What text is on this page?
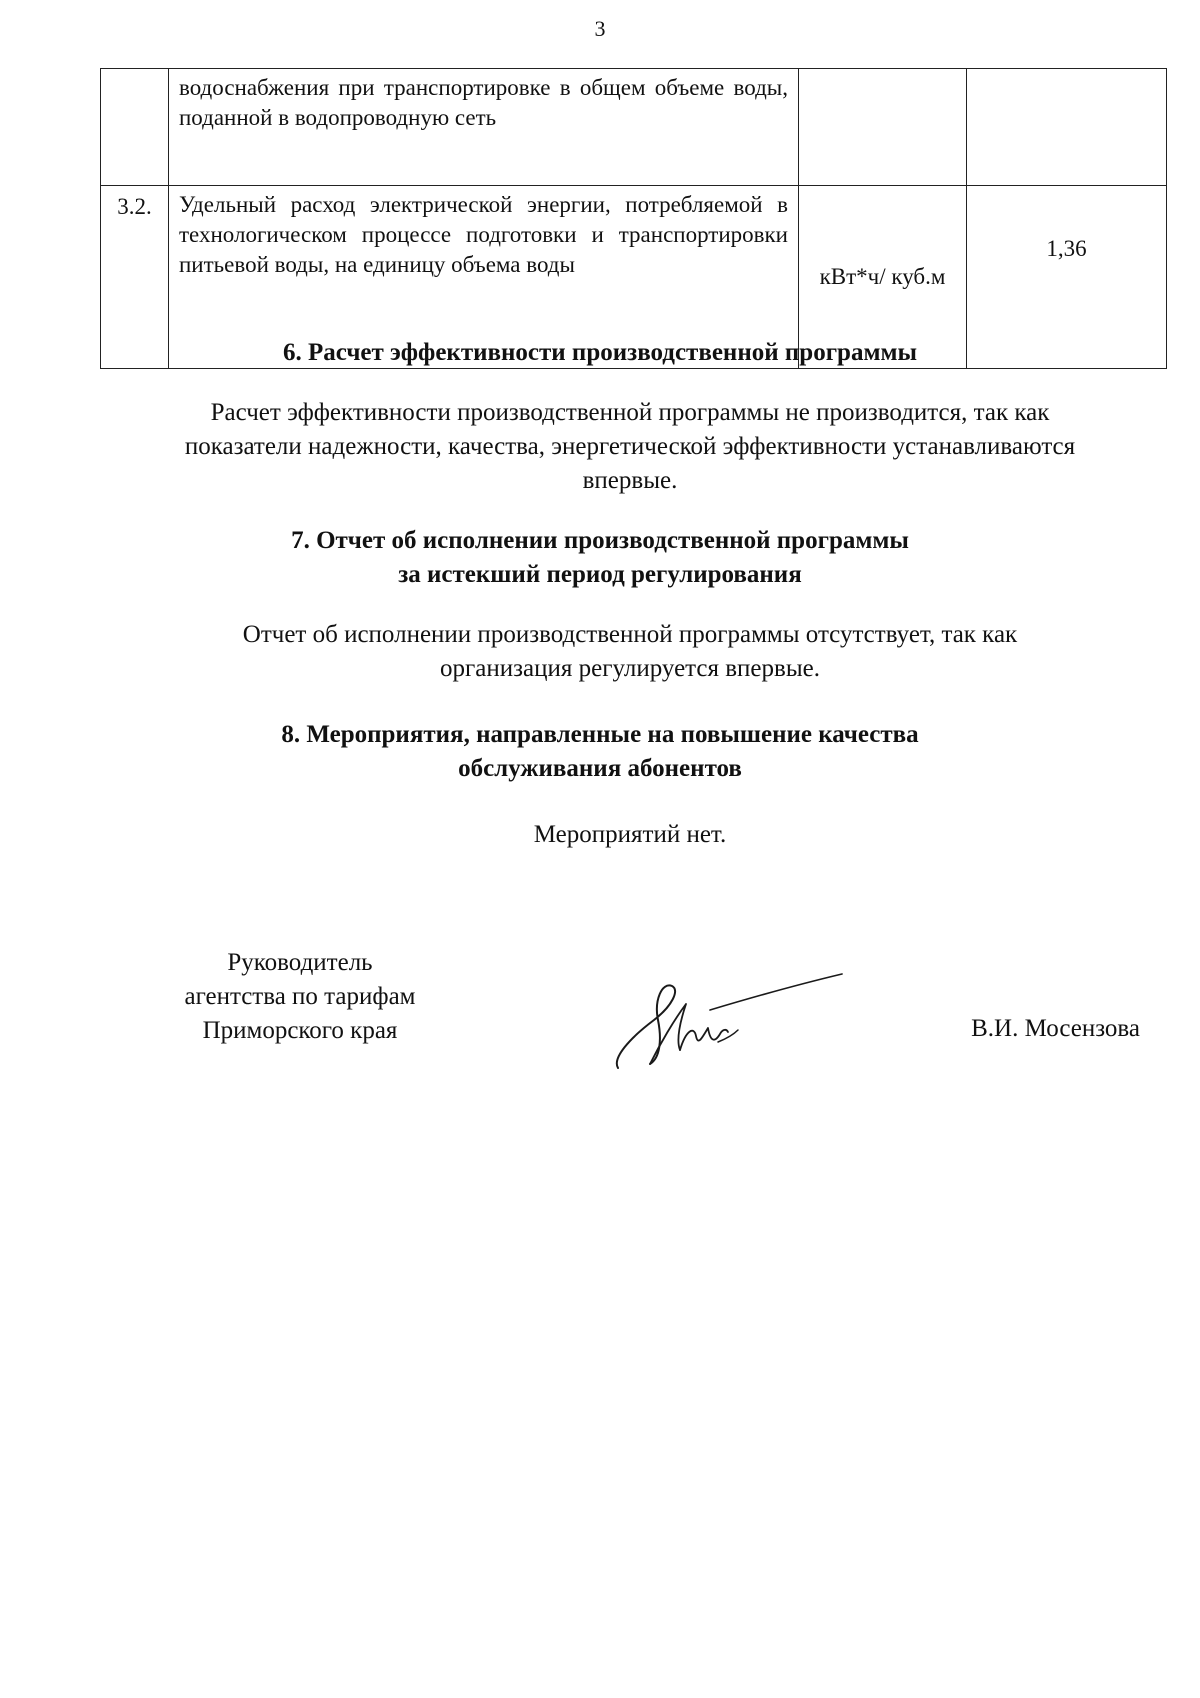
3
	водоснабжения при транспортировке в общем объеме воды, поданной в водопроводную сеть		
3.2.	Удельный расход электрической энергии, потребляемой в технологическом процессе подготовки и транспортировки питьевой воды, на единицу объема воды	кВт*ч/ куб.м	1,36
6. Расчет эффективности производственной программы
Расчет эффективности производственной программы не производится, так как показатели надежности, качества, энергетической эффективности устанавливаются впервые.
7. Отчет об исполнении производственной программы
за истекший период регулирования
Отчет об исполнении производственной программы отсутствует, так как организация регулируется впервые.
8. Мероприятия, направленные на повышение качества
обслуживания абонентов
Мероприятий нет.
Руководитель
агентства по тарифам
Приморского края	В.И. Мосензова
